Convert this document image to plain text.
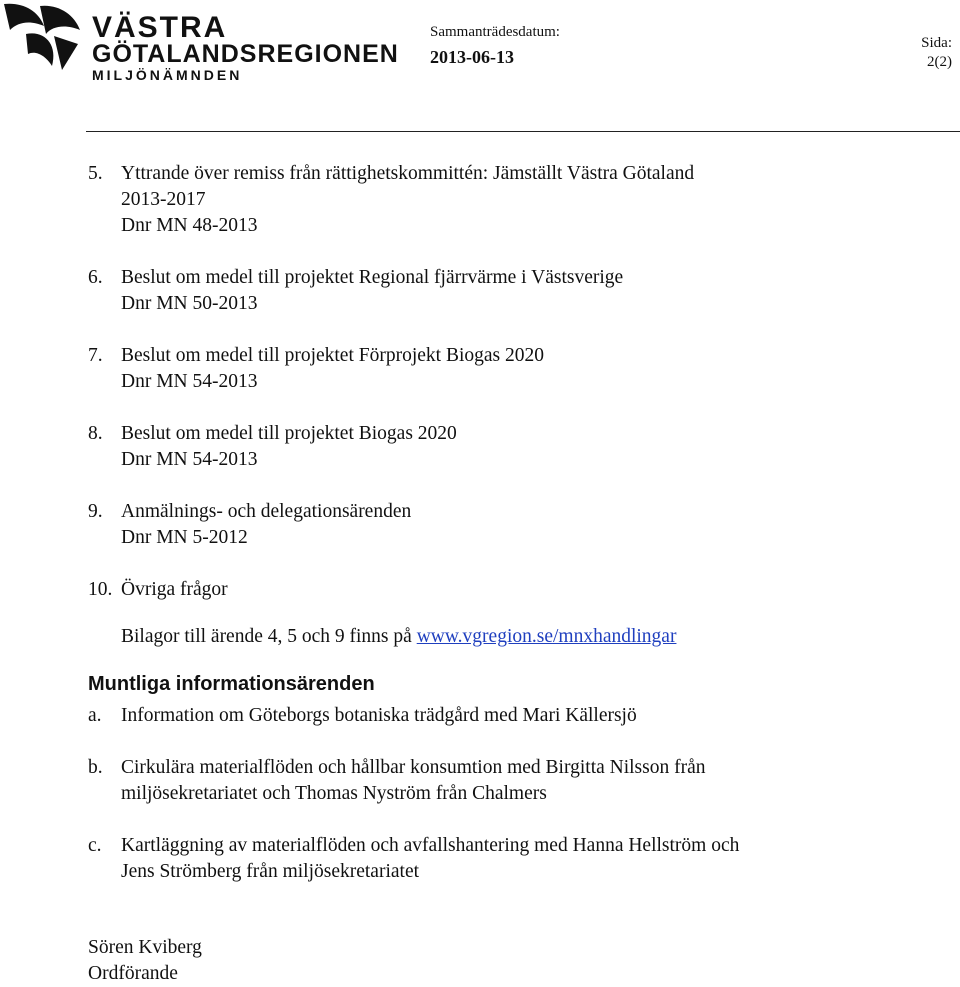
VÄSTRA
GÖTALANDSREGIONEN
MILJÖNÄMNDEN
Sammanträdesdatum:
2013-06-13
Sida:
2(2)
5. Yttrande över remiss från rättighetskommittén: Jämställt Västra Götaland
2013-2017
Dnr MN 48-2013
6. Beslut om medel till projektet Regional fjärrvärme i Västsverige
Dnr MN 50-2013
7. Beslut om medel till projektet Förprojekt Biogas 2020
Dnr MN 54-2013
8. Beslut om medel till projektet Biogas 2020
Dnr MN 54-2013
9. Anmälnings- och delegationsärenden
Dnr MN 5-2012
10. Övriga frågor
Bilagor till ärende 4, 5 och 9 finns på www.vgregion.se/mnxhandlingar
Muntliga informationsärenden
a. Information om Göteborgs botaniska trädgård med Mari Källersjö
b. Cirkulära materialflöden och hållbar konsumtion med Birgitta Nilsson från
miljösekretariatet och Thomas Nyström från Chalmers
c. Kartläggning av materialflöden och avfallshantering med Hanna Hellström och
Jens Strömberg från miljösekretariatet
Sören Kviberg
Ordförande
